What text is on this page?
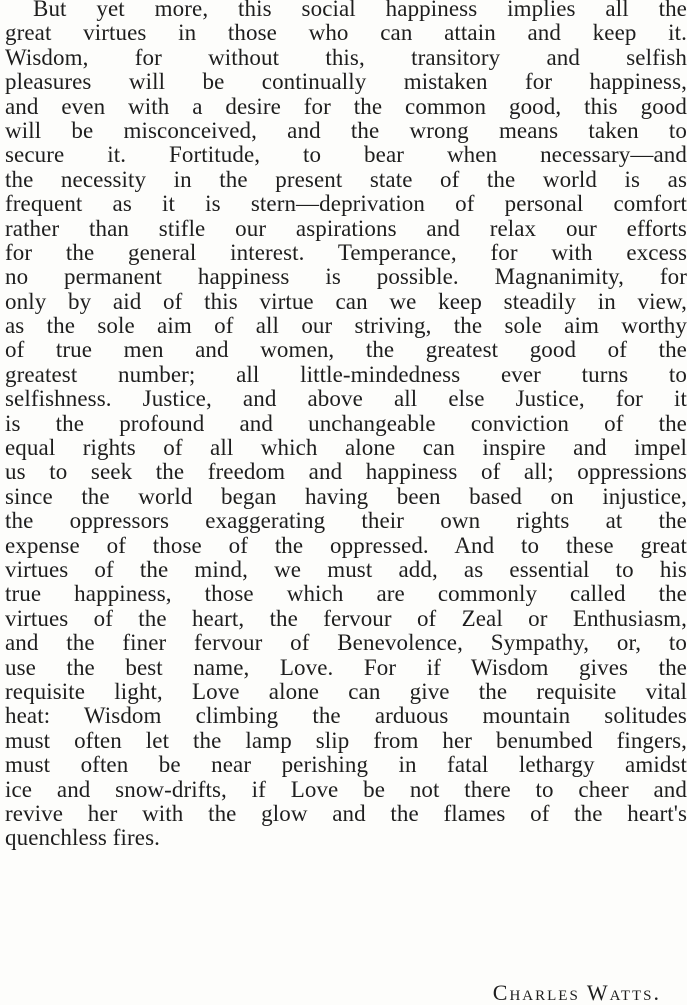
But yet more, this social happiness implies all the
great virtues in those who can attain and keep it.
Wisdom, for without this, transitory and selfish
pleasures will be continually mistaken for happiness,
and even with a desire for the common good, this good
will be misconceived, and the wrong means taken to
secure it. Fortitude, to bear when necessary—and
the necessity in the present state of the world is as
frequent as it is stern—deprivation of personal comfort
rather than stifle our aspirations and relax our efforts
for the general interest. Temperance, for with excess
no permanent happiness is possible. Magnanimity, for
only by aid of this virtue can we keep steadily in view,
as the sole aim of all our striving, the sole aim worthy
of true men and women, the greatest good of the
greatest number; all little-mindedness ever turns to
selfishness. Justice, and above all else Justice, for it
is the profound and unchangeable conviction of the
equal rights of all which alone can inspire and impel
us to seek the freedom and happiness of all; oppressions
since the world began having been based on injustice,
the oppressors exaggerating their own rights at the
expense of those of the oppressed. And to these great
virtues of the mind, we must add, as essential to his
true happiness, those which are commonly called the
virtues of the heart, the fervour of Zeal or Enthusiasm,
and the finer fervour of Benevolence, Sympathy, or, to
use the best name, Love. For if Wisdom gives the
requisite light, Love alone can give the requisite vital
heat: Wisdom climbing the arduous mountain solitudes
must often let the lamp slip from her benumbed fingers,
must often be near perishing in fatal lethargy amidst
ice and snow-drifts, if Love be not there to cheer and
revive her with the glow and the flames of the heart's
quenchless fires.
Charles Watts.
